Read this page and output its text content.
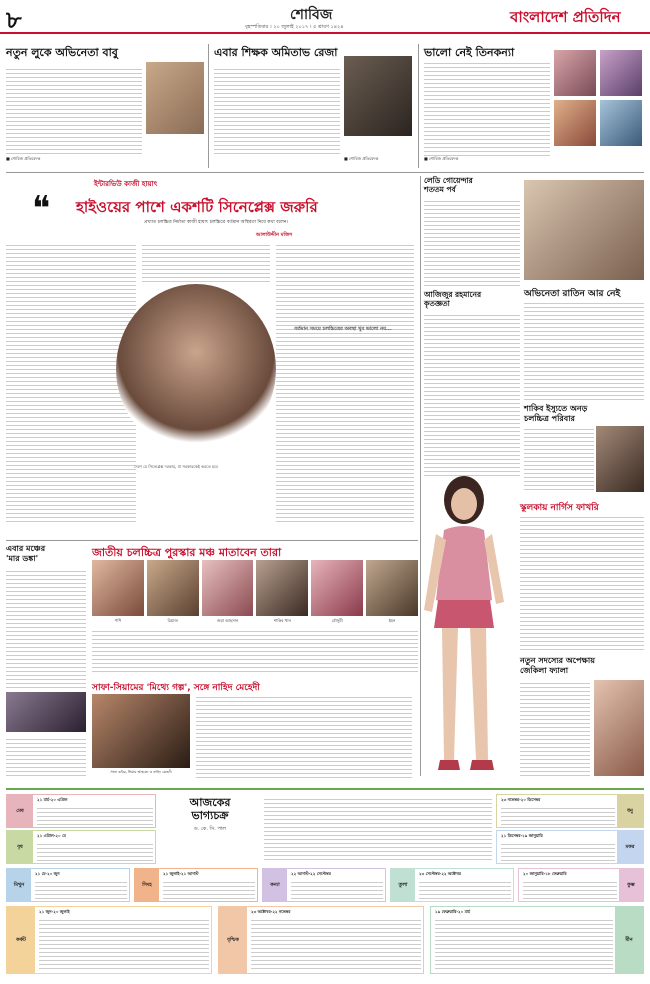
৮	শোবিজ
বৃহস্পতিবার । ২০ জুলাই ২০১৭ । ৫ শ্রাবণ ১৪২৪
বাংলাদেশ প্রতিদিন
নতুন লুকে অভিনেতা বাবু
■ শোবিজ প্রতিবেদক
এবার শিক্ষক অমিতাভ রেজা
■ শোবিজ প্রতিবেদক
ভালো নেই তিনকন্যা
■ শোবিজ প্রতিবেদক
ইন্টারভিউ কাজী হায়াৎ
❝ হাইওয়ের পাশে একশটি সিনেপ্লেক্স জরুরি
প্রখ্যাত চলচ্চিত্র নির্মাতা কাজী হায়াৎ চলচ্চিত্রে বর্তমান অস্থিরতা নিয়ে কথা বলেন।
আলাউদ্দীন মজিদ
দেশে যে সিনেপ্লেক্স দরকার, যা সরকারকেই করতে হবে
বর্তমান সময়ে চলচ্চিত্রের অবস্থা খুব ভালো নয়...
লেডি গোয়েন্দার
শততম পর্ব
আজিজুর রহমানের
কৃতজ্ঞতা
অভিনেতা রাতিন আর নেই
শাকিব ইস্যুতে অনড়
চলচ্চিত্র পরিবার
স্কুলকায় নার্গিস ফাখরি
নতুন সদস্যের অপেক্ষায়
জেকিলা ফ্যালা
এবার মঞ্চের
'মার ডঙ্কা'	জাতীয় চলচ্চিত্র পুরস্কার মঞ্চ মাতাবেন তারা
পপি	রিয়াজ	জয়া আহসান	শাকিব খান	মৌসুমী	ইমন
সাফা-সিয়ামের 'মিথ্যে গল্প', সঙ্গে নাহিদ মেহেদী
সাফা কবির, সিয়াম আহমেদ ও নাহিদ মেহেদী
মেষ
২১ মার্চ-২০ এপ্রিল
বৃষ
২১ এপ্রিল-২০ মে
আজকের
ভাগ্যচক্র
ড. কে. সি. পাল
ধনু
২৩ নভেম্বর-২০ ডিসেম্বর
মকর
২১ ডিসেম্বর-১৯ জানুয়ারি
মিথুন
২১ মে-২০ জুন
সিংহ
২১ জুলাই-২১ আগস্ট
কন্যা
২২ আগস্ট-২২ সেপ্টেম্বর
তুলা
২৩ সেপ্টেম্বর-২২ অক্টোবর
কুম্ভ
২০ জানুয়ারি-১৮ ফেব্রুয়ারি
কর্কট
২১ জুন-২০ জুলাই
বৃশ্চিক
২৩ অক্টোবর-২২ নভেম্বর
মীন
১৯ ফেব্রুয়ারি-২০ মার্চ
